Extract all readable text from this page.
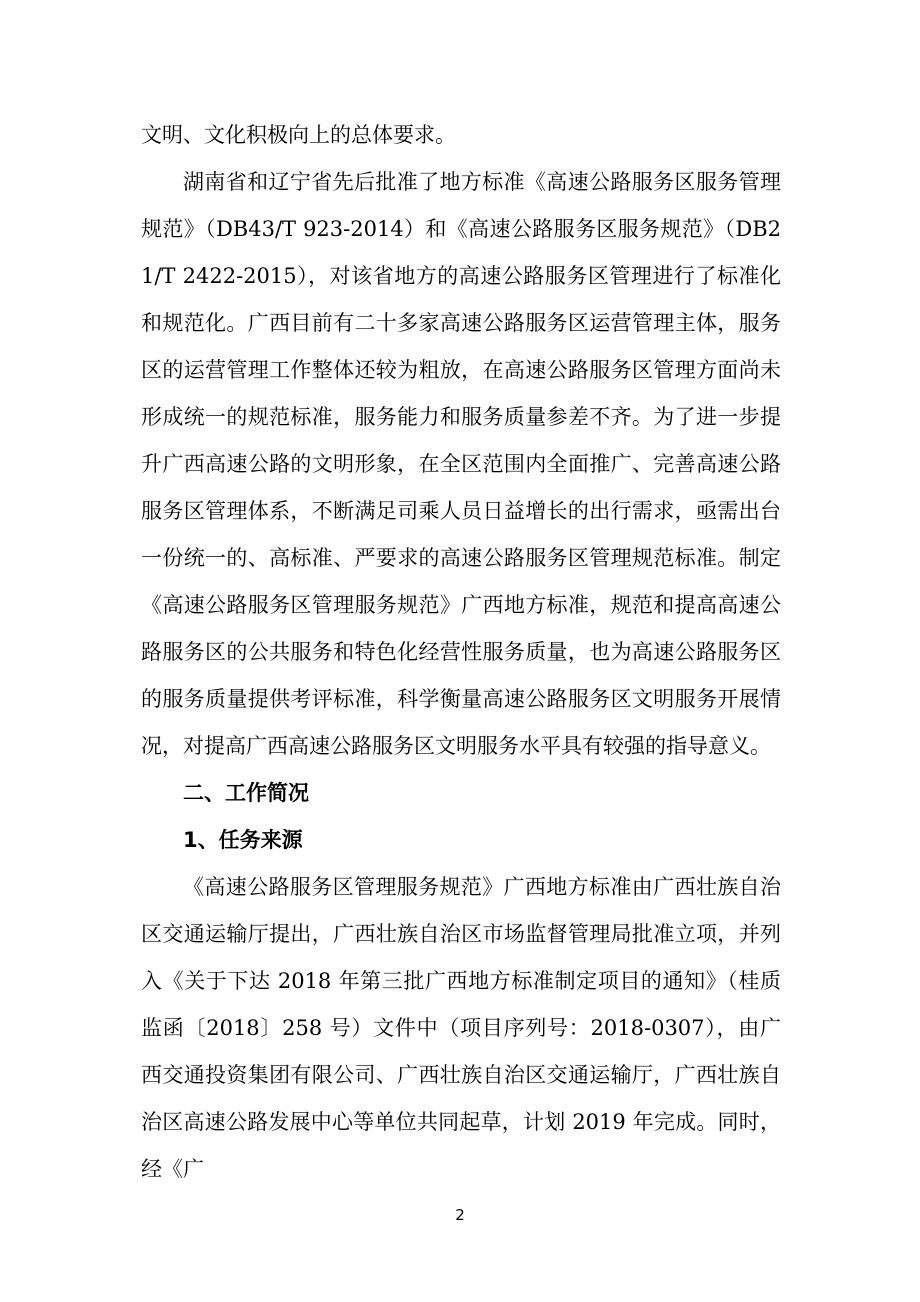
文明、文化积极向上的总体要求。

湖南省和辽宁省先后批准了地方标准《高速公路服务区服务管理规范》（DB43/T 923-2014）和《高速公路服务区服务规范》（DB21/T 2422-2015），对该省地方的高速公路服务区管理进行了标准化和规范化。广西目前有二十多家高速公路服务区运营管理主体，服务区的运营管理工作整体还较为粗放，在高速公路服务区管理方面尚未形成统一的规范标准，服务能力和服务质量参差不齐。为了进一步提升广西高速公路的文明形象，在全区范围内全面推广、完善高速公路服务区管理体系，不断满足司乘人员日益增长的出行需求，亟需出台一份统一的、高标准、严要求的高速公路服务区管理规范标准。制定《高速公路服务区管理服务规范》广西地方标准，规范和提高高速公路服务区的公共服务和特色化经营性服务质量，也为高速公路服务区的服务质量提供考评标准，科学衡量高速公路服务区文明服务开展情况，对提高广西高速公路服务区文明服务水平具有较强的指导意义。

二、工作简况

1、任务来源

《高速公路服务区管理服务规范》广西地方标准由广西壮族自治区交通运输厅提出，广西壮族自治区市场监督管理局批准立项，并列入《关于下达 2018 年第三批广西地方标准制定项目的通知》（桂质监函〔2018〕258 号）文件中（项目序列号：2018-0307），由广西交通投资集团有限公司、广西壮族自治区交通运输厅，广西壮族自治区高速公路发展中心等单位共同起草，计划 2019 年完成。同时，经《广

2
